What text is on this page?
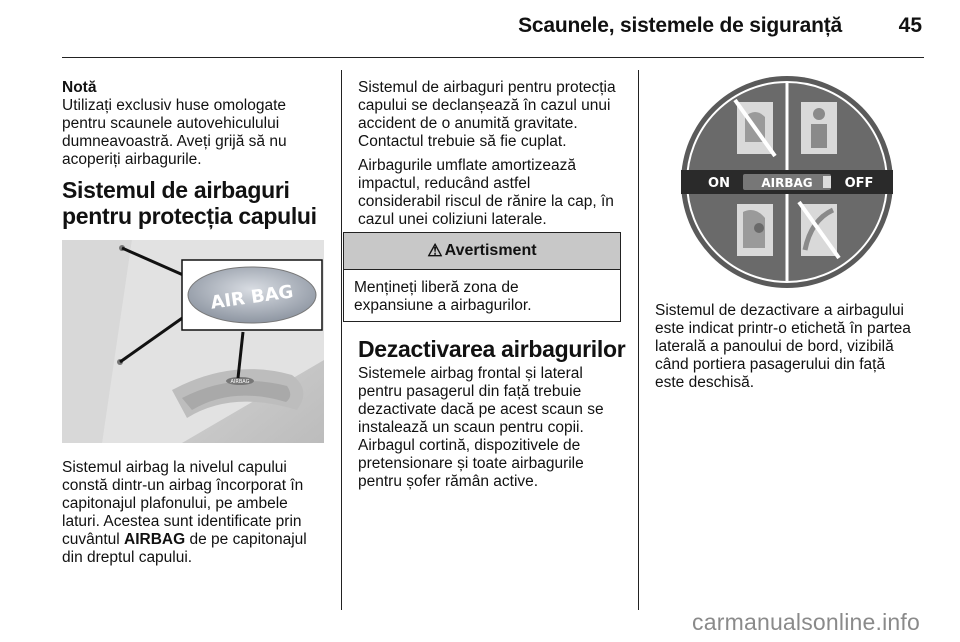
Scaunele, sistemele de siguranță	45
Notă
Utilizați exclusiv huse omologate
pentru scaunele autovehiculului
dumneavoastră. Aveți grijă să nu
acoperiți airbagurile.
Sistemul de airbaguri
pentru protecția capului
AIR BAG
AIRBAG

Sistemul airbag la nivelul capului
constă dintr-un airbag încorporat în
capitonajul plafonului, pe ambele
laturi. Acestea sunt identificate prin
cuvântul AIRBAG de pe capitonajul
din dreptul capului.

Sistemul de airbaguri pentru protecția
capului se declanșează în cazul unui
accident de o anumită gravitate.
Contactul trebuie să fie cuplat.

Airbagurile umflate amortizează
impactul, reducând astfel
considerabil riscul de rănire la cap, în
cazul unei coliziuni laterale.

⚠ Avertisment
Mențineți liberă zona de
expansiune a airbagurilor.
Dezactivarea airbagurilor

Sistemele airbag frontal și lateral
pentru pasagerul din față trebuie
dezactivate dacă pe acest scaun se
instalează un scaun pentru copii.
Airbagul cortină, dispozitivele de
pretensionare și toate airbagurile
pentru șofer rămân active.

ON	AIRBAG OFF

Sistemul de dezactivare a airbagului
este indicat printr-o etichetă în partea
laterală a panoului de bord, vizibilă
când portiera pasagerului din față
este deschisă.

carmanualsonline.info
